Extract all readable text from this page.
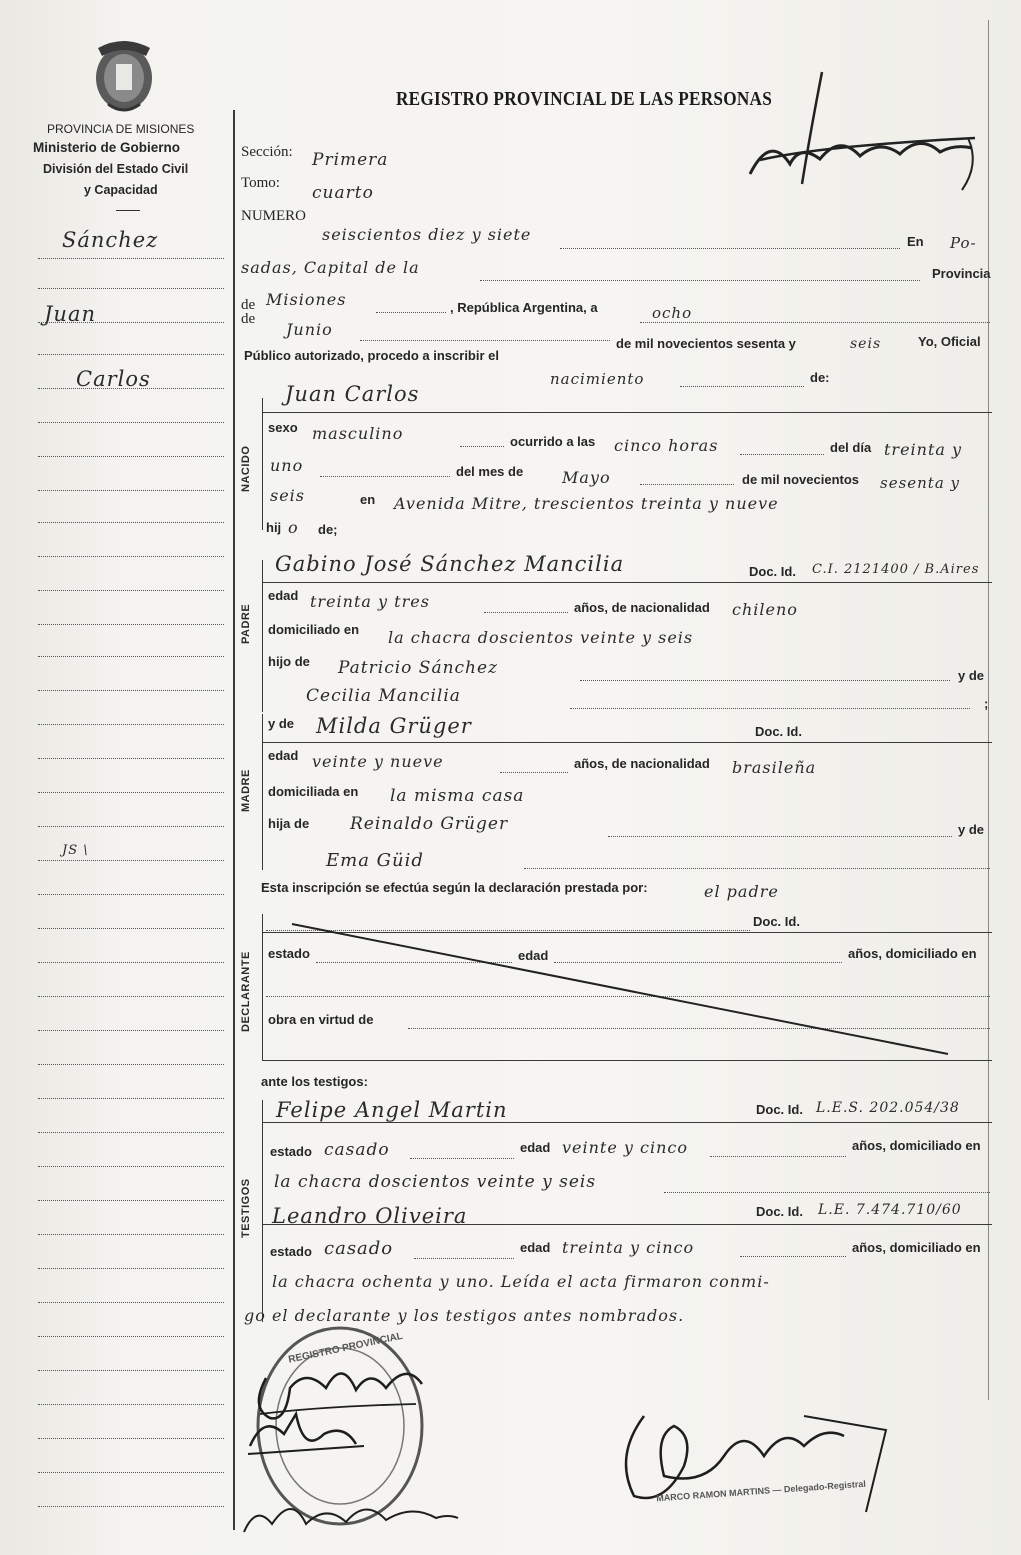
PROVINCIA DE MISIONES
Ministerio de Gobierno
División del Estado Civil
y Capacidad
REGISTRO PROVINCIAL DE LAS PERSONAS
Sánchez
Juan
Carlos
JS \
Sección: Primera
Tomo: cuarto
NUMERO
seiscientos diez y siete	En Po-
sadas, Capital de la	Provincia
de Misiones	, República Argentina, a	ocho
de
Junio
de mil novecientos sesenta y	seis	Yo, Oficial
Público autorizado, procedo a inscribir el
nacimiento	de:
NACIDO
Juan Carlos
sexo masculino	ocurrido a las cinco horas	del día treinta y
uno	del mes de Mayo	de mil novecientos sesenta y
seis	en Avenida Mitre, trescientos treinta y nueve
hij o de;
PADRE
Gabino José Sánchez Mancilia	Doc. Id. C.I. 2121400 / B.Aires
edad treinta y tres	años, de nacionalidad chileno
domiciliado en la chacra doscientos veinte y seis
hijo de Patricio Sánchez	y de
Cecilia Mancilia	;
MADRE
y de Milda Grüger	Doc. Id.
edad veinte y nueve	años, de nacionalidad brasileña
domiciliada en la misma casa
hija de Reinaldo Grüger	y de
Ema Güid
Esta inscripción se efectúa según la declaración prestada por:	el padre
DECLARANTE
Doc. Id.
estado	edad	años, domiciliado en
obra en virtud de
ante los testigos:
TESTIGOS
Felipe Angel Martin	Doc. Id. L.E.S. 202.054/38
estado casado	edad veinte y cinco	años, domiciliado en
la chacra doscientos veinte y seis
Leandro Oliveira	Doc. Id. L.E. 7.474.710/60
estado casado	edad treinta y cinco	años, domiciliado en
la chacra ochenta y uno. Leída el acta firmaron conmi-
go el declarante y los testigos antes nombrados.
REGISTRO PROVINCIAL
MARCO RAMON MARTINS — Delegado-Registral
